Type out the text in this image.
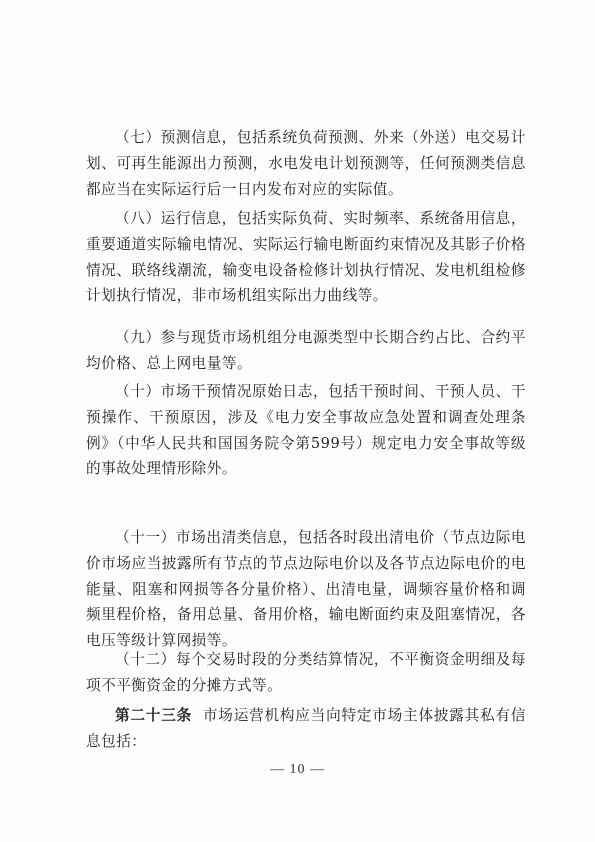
（七）预测信息，包括系统负荷预测、外来（外送）电交易计划、可再生能源出力预测，水电发电计划预测等，任何预测类信息都应当在实际运行后一日内发布对应的实际值。

（八）运行信息，包括实际负荷、实时频率、系统备用信息，重要通道实际输电情况、实际运行输电断面约束情况及其影子价格情况、联络线潮流，输变电设备检修计划执行情况、发电机组检修计划执行情况，非市场机组实际出力曲线等。

（九）参与现货市场机组分电源类型中长期合约占比、合约平均价格、总上网电量等。

（十）市场干预情况原始日志，包括干预时间、干预人员、干预操作、干预原因，涉及《电力安全事故应急处置和调查处理条例》（中华人民共和国国务院令第599号）规定电力安全事故等级的事故处理情形除外。

（十一）市场出清类信息，包括各时段出清电价（节点边际电价市场应当披露所有节点的节点边际电价以及各节点边际电价的电能量、阻塞和网损等各分量价格）、出清电量，调频容量价格和调频里程价格，备用总量、备用价格，输电断面约束及阻塞情况，各电压等级计算网损等。

（十二）每个交易时段的分类结算情况，不平衡资金明细及每项不平衡资金的分摊方式等。

第二十三条 市场运营机构应当向特定市场主体披露其私有信息包括：

— 10 —
